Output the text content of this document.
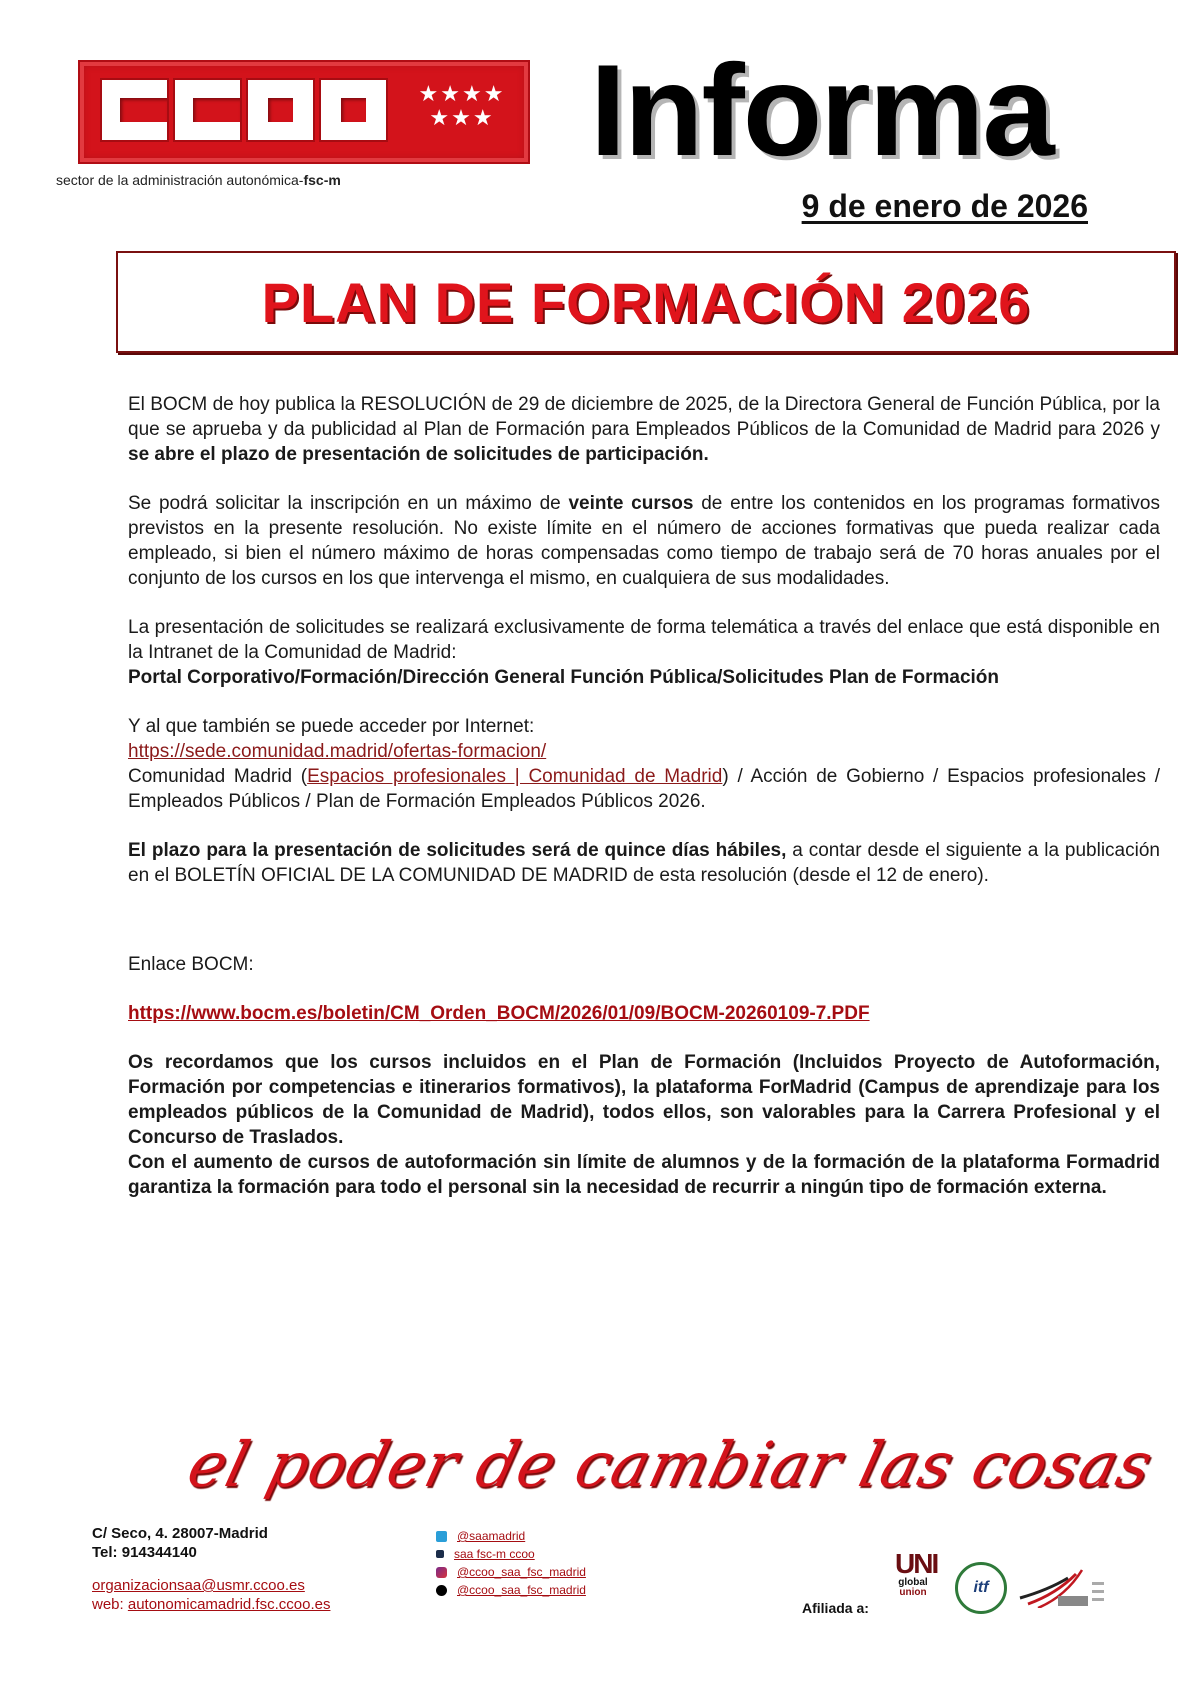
★★★★
★★★
sector de la administración autonómica-fsc-m Informa
9 de enero de 2026
PLAN DE FORMACIÓN 2026

El BOCM de hoy publica la RESOLUCIÓN de 29 de diciembre de 2025, de la Directora General de Función Pública, por la que se aprueba y da publicidad al Plan de Formación para Empleados Públicos de la Comunidad de Madrid para 2026 y se abre el plazo de presentación de solicitudes de participación.

Se podrá solicitar la inscripción en un máximo de veinte cursos de entre los contenidos en los programas formativos previstos en la presente resolución. No existe límite en el número de acciones formativas que pueda realizar cada empleado, si bien el número máximo de horas compensadas como tiempo de trabajo será de 70 horas anuales por el conjunto de los cursos en los que intervenga el mismo, en cualquiera de sus modalidades.

La presentación de solicitudes se realizará exclusivamente de forma telemática a través del enlace que está disponible en la Intranet de la Comunidad de Madrid:
Portal Corporativo/Formación/Dirección General Función Pública/Solicitudes Plan de Formación

Y al que también se puede acceder por Internet:
https://sede.comunidad.madrid/ofertas-formacion/
Comunidad Madrid (Espacios profesionales | Comunidad de Madrid) / Acción de Gobierno / Espacios profesionales / Empleados Públicos / Plan de Formación Empleados Públicos 2026.

El plazo para la presentación de solicitudes será de quince días hábiles, a contar desde el siguiente a la publicación en el BOLETÍN OFICIAL DE LA COMUNIDAD DE MADRID de esta resolución (desde el 12 de enero).

Enlace BOCM:

https://www.bocm.es/boletin/CM_Orden_BOCM/2026/01/09/BOCM-20260109-7.PDF

Os recordamos que los cursos incluidos en el Plan de Formación (Incluidos Proyecto de Autoformación, Formación por competencias e itinerarios formativos), la plataforma ForMadrid (Campus de aprendizaje para los empleados públicos de la Comunidad de Madrid), todos ellos, son valorables para la Carrera Profesional y el Concurso de Traslados.
Con el aumento de cursos de autoformación sin límite de alumnos y de la formación de la plataforma Formadrid garantiza la formación para todo el personal sin la necesidad de recurrir a ningún tipo de formación externa.

el poder de cambiar las cosas
C/ Seco, 4. 28007-Madrid
Tel: 914344140
organizacionsaa@usmr.ccoo.es
web: autonomicamadrid.fsc.ccoo.es
@saamadrid
saa fsc-m ccoo
@ccoo_saa_fsc_madrid
@ccoo_saa_fsc_madrid
Afiliada a:
UNI
global
union	itf
